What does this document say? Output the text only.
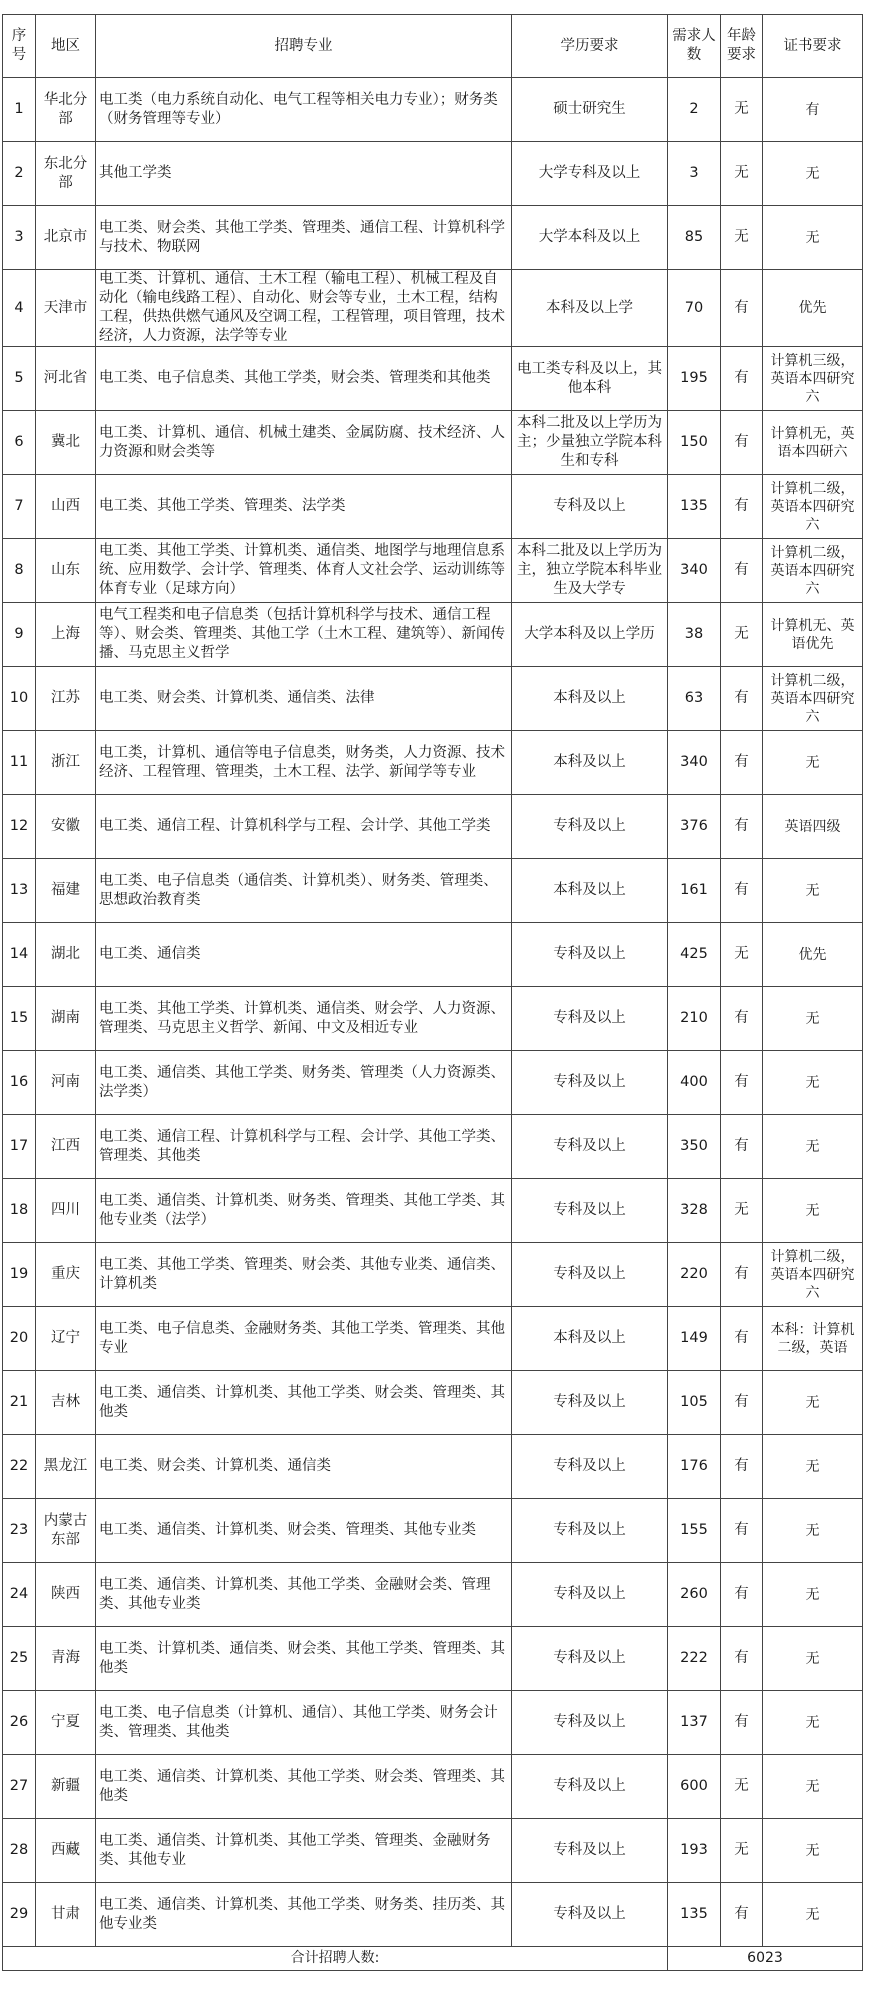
序号	地区	招聘专业	学历要求	需求人数	年龄要求	证书要求
1	华北分部	电工类（电力系统自动化、电气工程等相关电力专业）；财务类（财务管理等专业）	硕士研究生	2	无	有
2	东北分部	其他工学类	大学专科及以上	3	无	无
3	北京市	电工类、财会类、其他工学类、管理类、通信工程、计算机科学与技术、物联网	大学本科及以上	85	无	无
4	天津市	电工类、计算机、通信、土木工程（输电工程）、机械工程及自动化（输电线路工程）、自动化、财会等专业，土木工程，结构工程，供热供燃气通风及空调工程，工程管理，项目管理，技术经济，人力资源，法学等专业	本科及以上学	70	有	优先
5	河北省	电工类、电子信息类、其他工学类，财会类、管理类和其他类	电工类专科及以上，其他本科	195	有	计算机三级，英语本四研究六
6	冀北	电工类、计算机、通信、机械土建类、金属防腐、技术经济、人力资源和财会类等	本科二批及以上学历为主；少量独立学院本科生和专科	150	有	计算机无，英语本四研六
7	山西	电工类、其他工学类、管理类、法学类	专科及以上	135	有	计算机二级，英语本四研究六
8	山东	电工类、其他工学类、计算机类、通信类、地图学与地理信息系统、应用数学、会计学、管理类、体育人文社会学、运动训练等体育专业（足球方向）	本科二批及以上学历为主，独立学院本科毕业生及大学专	340	有	计算机二级，英语本四研究六
9	上海	电气工程类和电子信息类（包括计算机科学与技术、通信工程等）、财会类、管理类、其他工学（土木工程、建筑等）、新闻传播、马克思主义哲学	大学本科及以上学历	38	无	计算机无、英语优先
10	江苏	电工类、财会类、计算机类、通信类、法律	本科及以上	63	有	计算机二级，英语本四研究六
11	浙江	电工类，计算机、通信等电子信息类，财务类，人力资源、技术经济、工程管理、管理类，土木工程、法学、新闻学等专业	本科及以上	340	有	无
12	安徽	电工类、通信工程、计算机科学与工程、会计学、其他工学类	专科及以上	376	有	英语四级
13	福建	电工类、电子信息类（通信类、计算机类）、财务类、管理类、思想政治教育类	本科及以上	161	有	无
14	湖北	电工类、通信类	专科及以上	425	无	优先
15	湖南	电工类、其他工学类、计算机类、通信类、财会学、人力资源、管理类、马克思主义哲学、新闻、中文及相近专业	专科及以上	210	有	无
16	河南	电工类、通信类、其他工学类、财务类、管理类（人力资源类、法学类）	专科及以上	400	有	无
17	江西	电工类、通信工程、计算机科学与工程、会计学、其他工学类、管理类、其他类	专科及以上	350	有	无
18	四川	电工类、通信类、计算机类、财务类、管理类、其他工学类、其他专业类（法学）	专科及以上	328	无	无
19	重庆	电工类、其他工学类、管理类、财会类、其他专业类、通信类、计算机类	专科及以上	220	有	计算机二级，英语本四研究六
20	辽宁	电工类、电子信息类、金融财务类、其他工学类、管理类、其他专业	本科及以上	149	有	本科：计算机二级，英语
21	吉林	电工类、通信类、计算机类、其他工学类、财会类、管理类、其他类	专科及以上	105	有	无
22	黑龙江	电工类、财会类、计算机类、通信类	专科及以上	176	有	无
23	内蒙古东部	电工类、通信类、计算机类、财会类、管理类、其他专业类	专科及以上	155	有	无
24	陕西	电工类、通信类、计算机类、其他工学类、金融财会类、管理类、其他专业类	专科及以上	260	有	无
25	青海	电工类、计算机类、通信类、财会类、其他工学类、管理类、其他类	专科及以上	222	有	无
26	宁夏	电工类、电子信息类（计算机、通信）、其他工学类、财务会计类、管理类、其他类	专科及以上	137	有	无
27	新疆	电工类、通信类、计算机类、其他工学类、财会类、管理类、其他类	专科及以上	600	无	无
28	西藏	电工类、通信类、计算机类、其他工学类、管理类、金融财务类、其他专业	专科及以上	193	无	无
29	甘肃	电工类、通信类、计算机类、其他工学类、财务类、挂历类、其他专业类	专科及以上	135	有	无
合计招聘人数:				6023		
